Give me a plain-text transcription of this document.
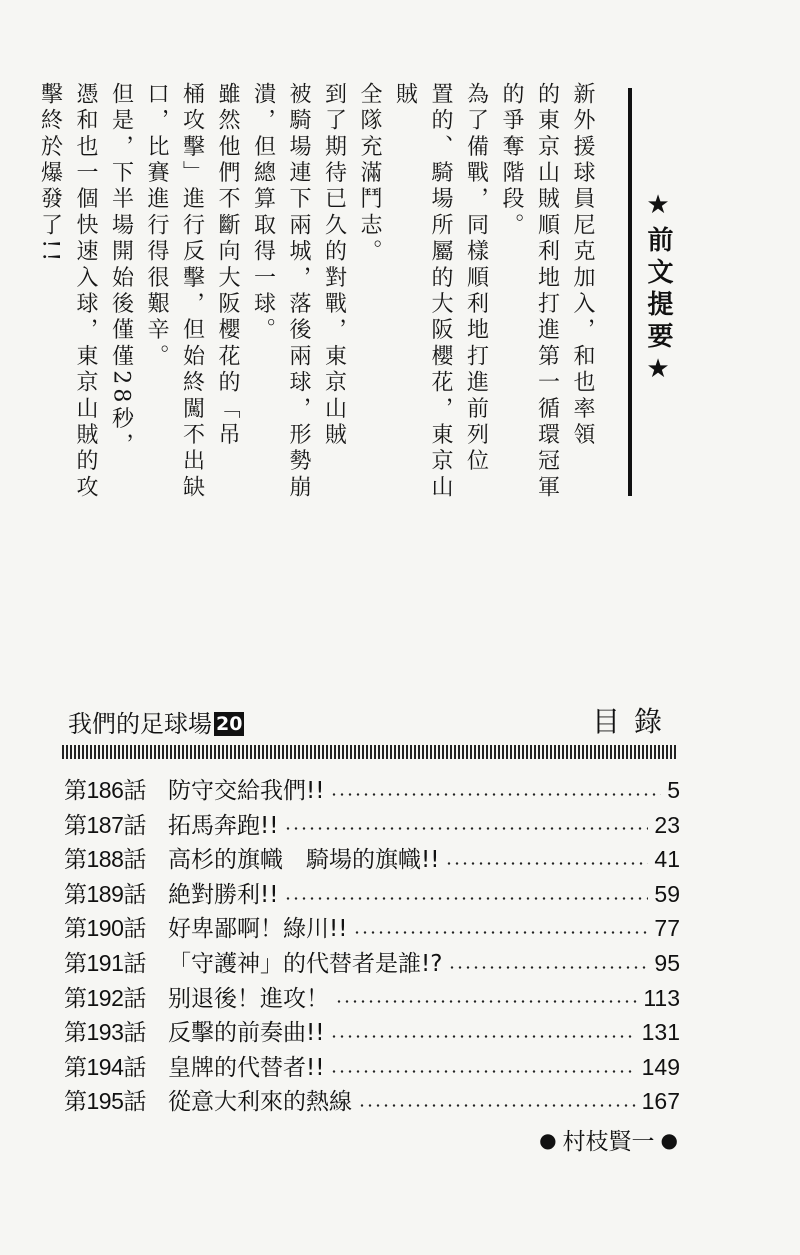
★前文提要★

新外援球員尼克加入，和也率領

的東京山賊順利地打進第一循環冠軍

的爭奪階段。

為了備戰，同樣順利地打進前列位

置的、騎場所屬的大阪櫻花，東京山賊

全隊充滿鬥志。

到了期待已久的對戰，東京山賊

被騎場連下兩城，落後兩球，形勢崩

潰，但總算取得一球。

雖然他們不斷向大阪櫻花的「吊

桶攻擊」進行反擊，但始終闖不出缺

口，比賽進行得很艱辛。

但是，下半場開始後僅僅28秒，

憑和也一個快速入球，東京山賊的攻

擊終於爆發了!!

我們的足球場 20	目錄
第186話 防守交給我們!!	5
第187話 拓馬奔跑!!	23
第188話 高杉的旗幟　騎場的旗幟!!	41
第189話 絶對勝利!!	59
第190話 好卑鄙啊！綠川!!	77
第191話 「守護神」的代替者是誰!?	95
第192話 别退後！進攻！	113
第193話 反擊的前奏曲!!	131
第194話 皇牌的代替者!!	149
第195話 從意大利來的熱線	167
● 村枝賢一 ●
